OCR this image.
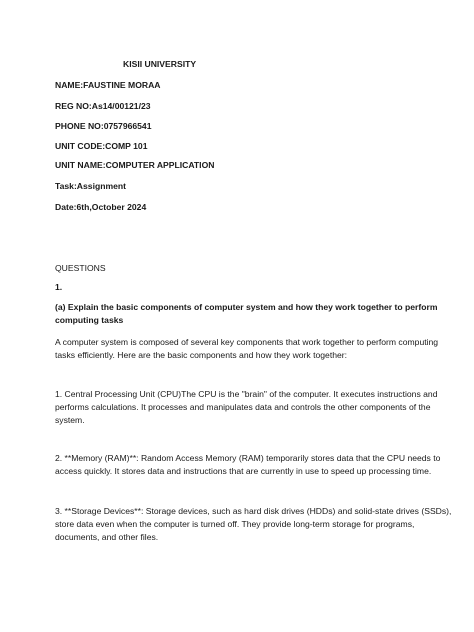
KISII UNIVERSITY
NAME:FAUSTINE MORAA
REG NO:As14/00121/23
PHONE NO:0757966541
UNIT CODE:COMP 101
UNIT NAME:COMPUTER APPLICATION
Task:Assignment
Date:6th,October 2024
QUESTIONS
1.
(a) Explain the basic components of computer system and how they work together to perform
computing tasks
A computer system is composed of several key components that work together to perform computing
tasks efficiently. Here are the basic components and how they work together:
1. Central Processing Unit (CPU)The CPU is the "brain" of the computer. It executes instructions and
performs calculations. It processes and manipulates data and controls the other components of the
system.
2. **Memory (RAM)**: Random Access Memory (RAM) temporarily stores data that the CPU needs to
access quickly. It stores data and instructions that are currently in use to speed up processing time.
3. **Storage Devices**: Storage devices, such as hard disk drives (HDDs) and solid-state drives (SSDs),
store data even when the computer is turned off. They provide long-term storage for programs,
documents, and other files.
